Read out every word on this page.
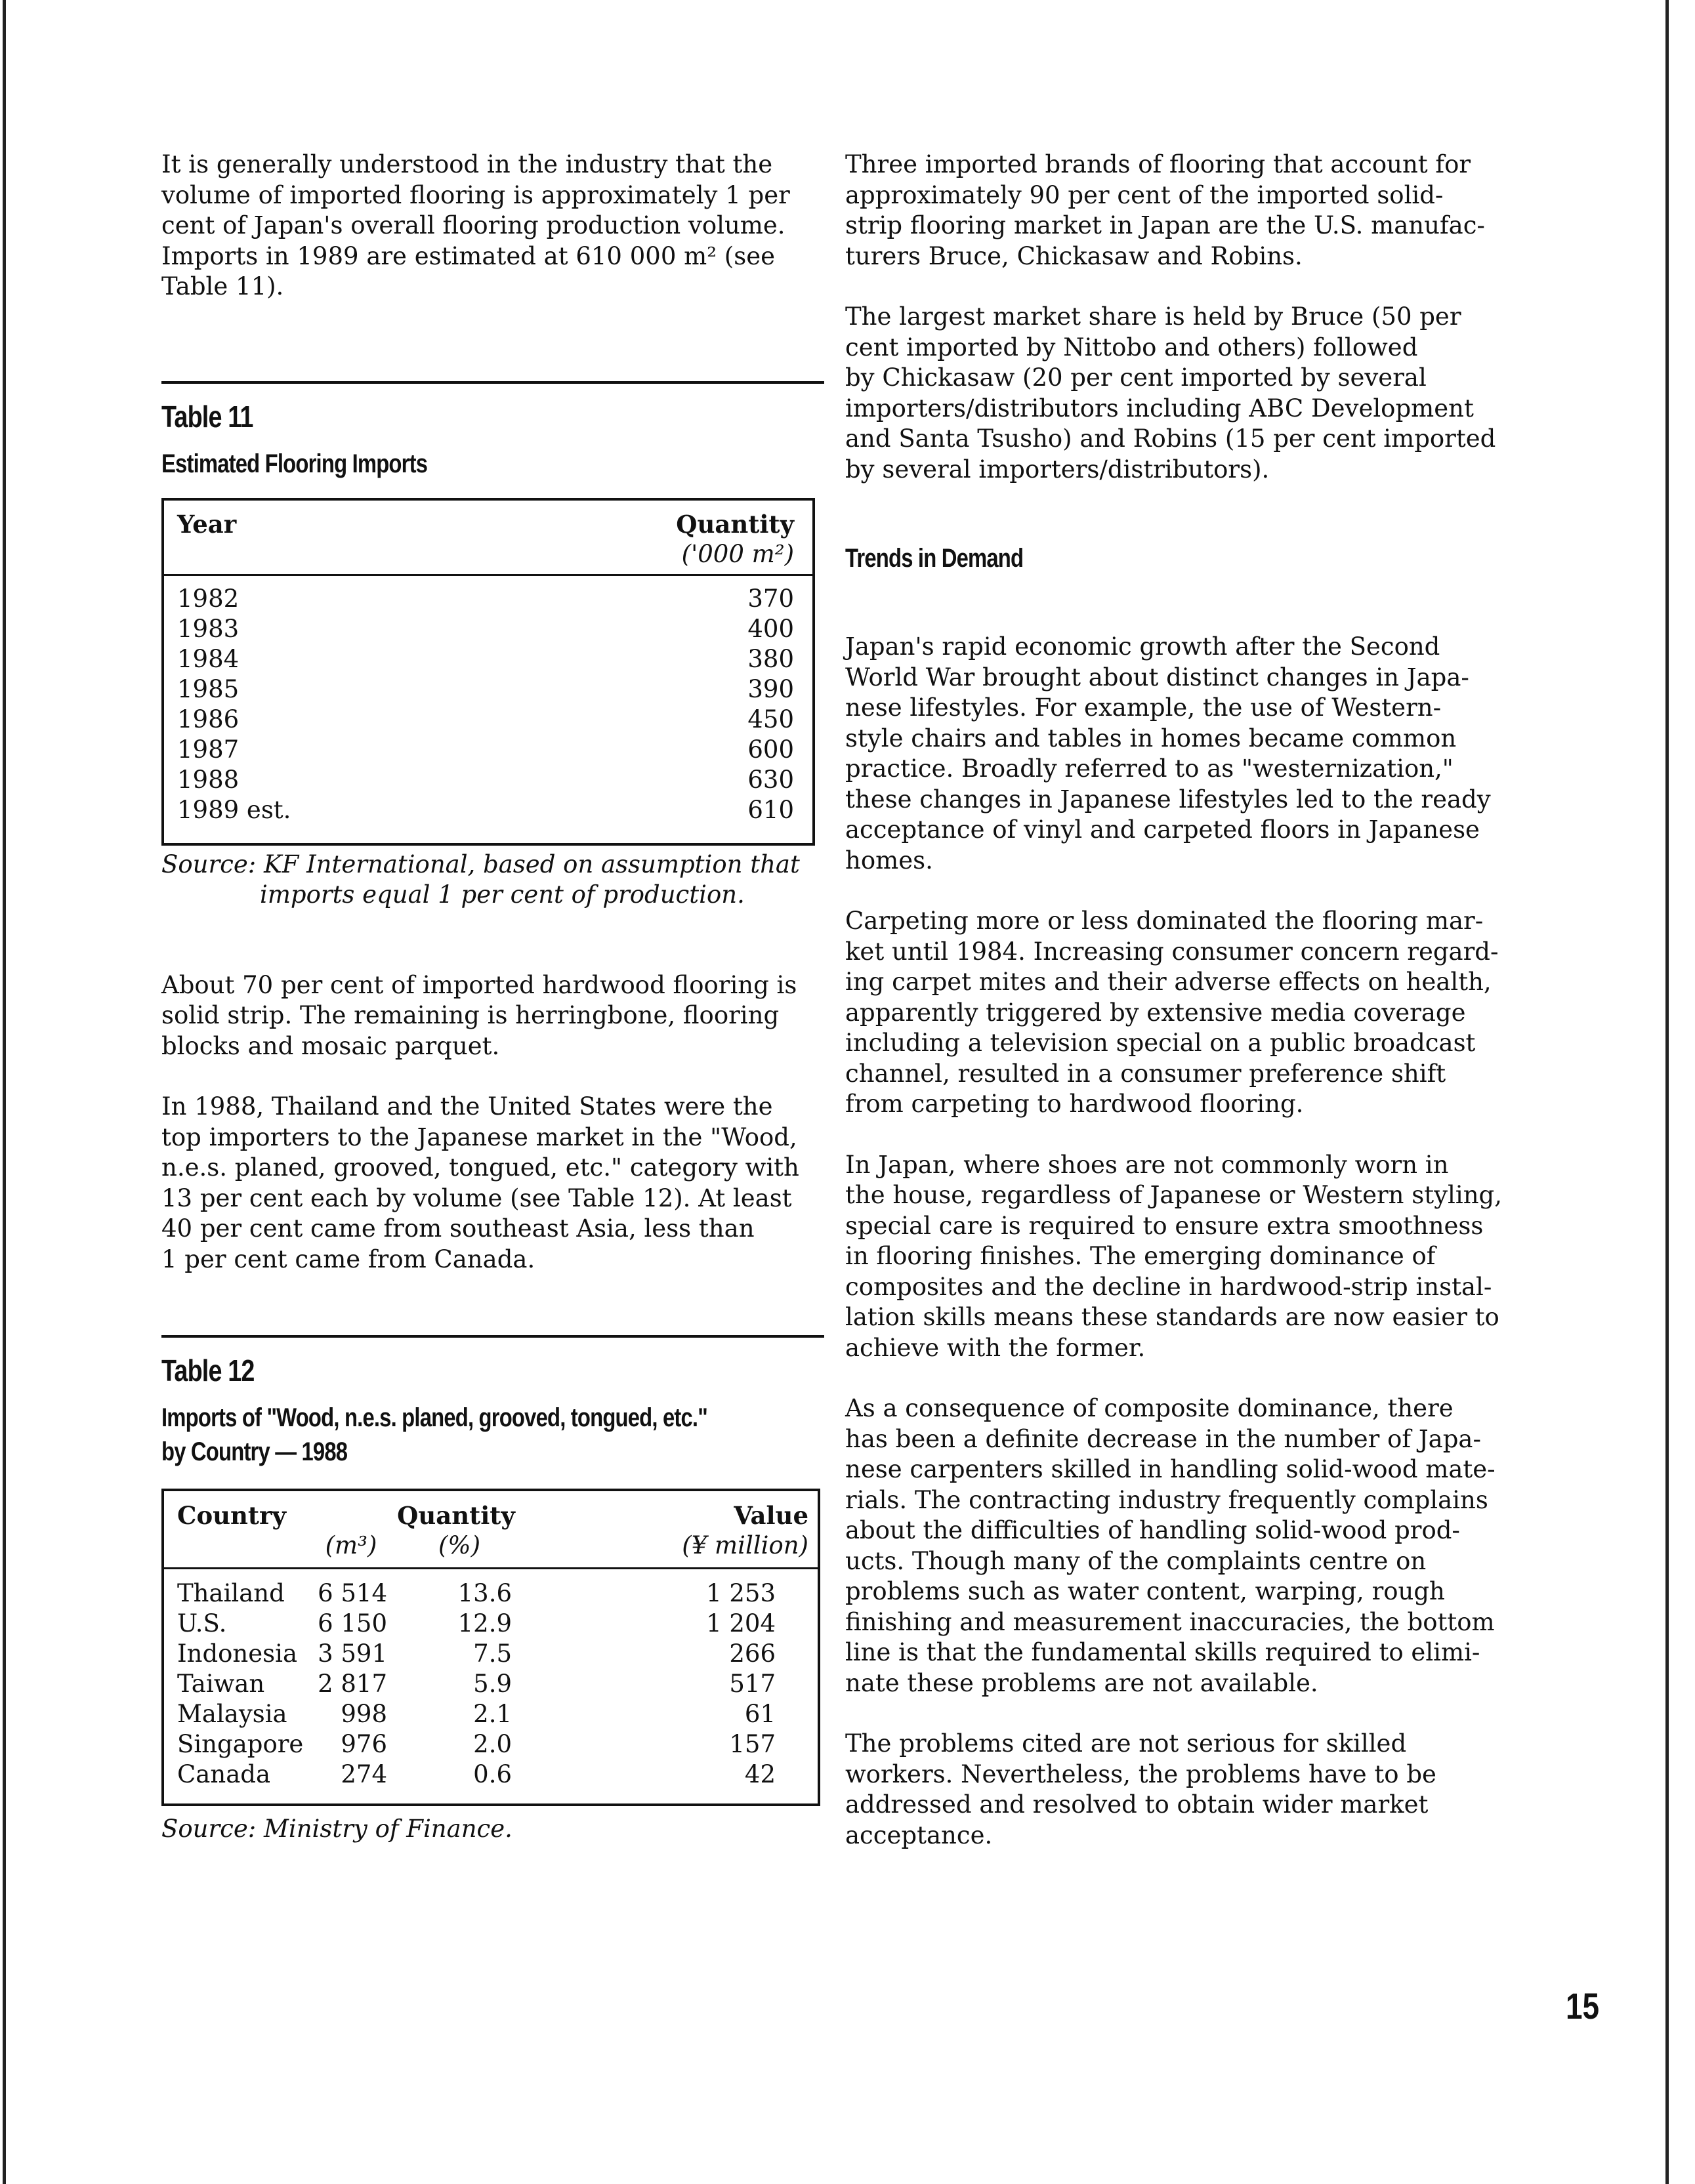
It is generally understood in the industry that the
volume of imported flooring is approximately 1 per
cent of Japan's overall flooring production volume.
Imports in 1989 are estimated at 610 000 m² (see
Table 11).

Table 11
Estimated Flooring Imports
Year	Quantity
('000 m²)
1982	370
1983	400
1984	380
1985	390
1986	450
1987	600
1988	630
1989 est.	610
Source: KF International, based on assumption that
imports equal 1 per cent of production.

About 70 per cent of imported hardwood flooring is
solid strip. The remaining is herringbone, flooring
blocks and mosaic parquet.

In 1988, Thailand and the United States were the
top importers to the Japanese market in the "Wood,
n.e.s. planed, grooved, tongued, etc." category with
13 per cent each by volume (see Table 12). At least
40 per cent came from southeast Asia, less than
1 per cent came from Canada.

Table 12
Imports of "Wood, n.e.s. planed, grooved, tongued, etc."
by Country — 1988
Country	Quantity	Value
(m³)	(%)	(¥ million)
Thailand	6 514	13.6	1 253
U.S.	6 150	12.9	1 204
Indonesia 3 591	7.5	266
Taiwan	2 817	5.9	517
Malaysia	998	2.1	61
Singapore	976	2.0	157
Canada	274	0.6	42
Source: Ministry of Finance.

Three imported brands of flooring that account for
approximately 90 per cent of the imported solid-
strip flooring market in Japan are the U.S. manufac-
turers Bruce, Chickasaw and Robins.

The largest market share is held by Bruce (50 per
cent imported by Nittobo and others) followed
by Chickasaw (20 per cent imported by several
importers/distributors including ABC Development
and Santa Tsusho) and Robins (15 per cent imported
by several importers/distributors).

Trends in Demand

Japan's rapid economic growth after the Second
World War brought about distinct changes in Japa-
nese lifestyles. For example, the use of Western-
style chairs and tables in homes became common
practice. Broadly referred to as "westernization,"
these changes in Japanese lifestyles led to the ready
acceptance of vinyl and carpeted floors in Japanese
homes.

Carpeting more or less dominated the flooring mar-
ket until 1984. Increasing consumer concern regard-
ing carpet mites and their adverse effects on health,
apparently triggered by extensive media coverage
including a television special on a public broadcast
channel, resulted in a consumer preference shift
from carpeting to hardwood flooring.

In Japan, where shoes are not commonly worn in
the house, regardless of Japanese or Western styling,
special care is required to ensure extra smoothness
in flooring finishes. The emerging dominance of
composites and the decline in hardwood-strip instal-
lation skills means these standards are now easier to
achieve with the former.

As a consequence of composite dominance, there
has been a definite decrease in the number of Japa-
nese carpenters skilled in handling solid-wood mate-
rials. The contracting industry frequently complains
about the difficulties of handling solid-wood prod-
ucts. Though many of the complaints centre on
problems such as water content, warping, rough
finishing and measurement inaccuracies, the bottom
line is that the fundamental skills required to elimi-
nate these problems are not available.

The problems cited are not serious for skilled
workers. Nevertheless, the problems have to be
addressed and resolved to obtain wider market
acceptance.

15
